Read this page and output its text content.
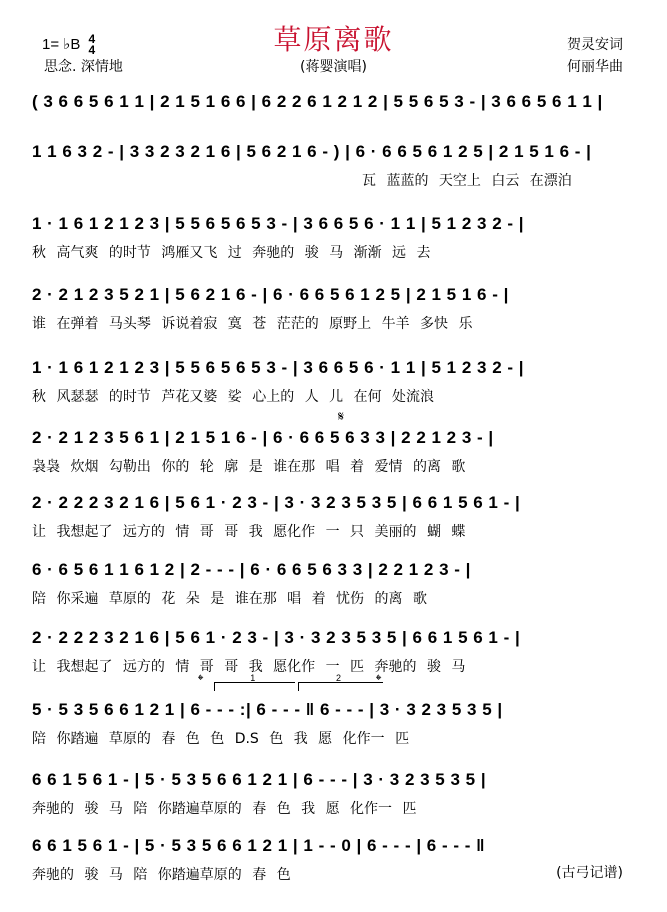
草原离歌
1= ♭B 4
4
思念. 深情地	(蒋婴演唱)
贺灵安词
何丽华曲
( 3 6 6 5 6 1 1 | 2 1 5 1 6 6 | 6 2 2 6 1 2 1 2 | 5 5 6 5 3 - | 3 6 6 5 6 1 1 |
1 1 6 3 2 - | 3 3 2 3 2 1 6 | 5 6 2 1 6 - ) | 6 · 6 6 5 6 1 2 5 | 2 1 5 1 6 - |
瓦 蓝蓝的 天空上 白云 在漂泊
1 · 1 6 1 2 1 2 3 | 5 5 6 5 6 5 3 - | 3 6 6 5 6 · 1 1 | 5 1 2 3 2 - |
秋 高气爽 的时节 鸿雁又飞 过 奔驰的 骏 马 渐渐 远 去
2 · 2 1 2 3 5 2 1 | 5 6 2 1 6 - | 6 · 6 6 5 6 1 2 5 | 2 1 5 1 6 - |
谁 在弹着 马头琴 诉说着寂 寞 苍 茫茫的 原野上 牛羊 多快 乐
1 · 1 6 1 2 1 2 3 | 5 5 6 5 6 5 3 - | 3 6 6 5 6 · 1 1 | 5 1 2 3 2 - |
秋 风瑟瑟 的时节 芦花又婆 娑 心上的 人 儿 在何 处流浪
𝄋
2 · 2 1 2 3 5 6 1 | 2 1 5 1 6 - | 6 · 6 6 5 6 3 3 | 2 2 1 2 3 - |
袅袅 炊烟 勾勒出 你的 轮 廓 是 谁在那 唱 着 爱情 的离 歌
2 · 2 2 2 3 2 1 6 | 5 6 1 · 2 3 - | 3 · 3 2 3 5 3 5 | 6 6 1 5 6 1 - |
让 我想起了 远方的 情 哥 哥 我 愿化作 一 只 美丽的 蝴 蝶
6 · 6 5 6 1 1 6 1 2 | 2 - - - | 6 · 6 6 5 6 3 3 | 2 2 1 2 3 - |
陪 你采遍 草原的 花 朵 是 谁在那 唱 着 忧伤 的离 歌
2 · 2 2 2 3 2 1 6 | 5 6 1 · 2 3 - | 3 · 3 2 3 5 3 5 | 6 6 1 5 6 1 - |
让 我想起了 远方的 情 哥 哥 我 愿化作 一 匹 奔驰的 骏 马
𝄌	𝄌
1	2
5 · 5 3 5 6 6 1 2 1 | 6 - - - :| 6 - - - ‖ 6 - - - | 3 · 3 2 3 5 3 5 |
陪 你踏遍 草原的 春 色 色 D.S 色 我 愿 化作一 匹
6 6 1 5 6 1 - | 5 · 5 3 5 6 6 1 2 1 | 6 - - - | 3 · 3 2 3 5 3 5 |
奔驰的 骏 马 陪 你踏遍草原的 春 色 我 愿 化作一 匹
6 6 1 5 6 1 - | 5 · 5 3 5 6 6 1 2 1 | 1 - - 0 | 6 - - - | 6 - - - ‖
奔驰的 骏 马 陪 你踏遍草原的 春 色	(古弓记谱)
